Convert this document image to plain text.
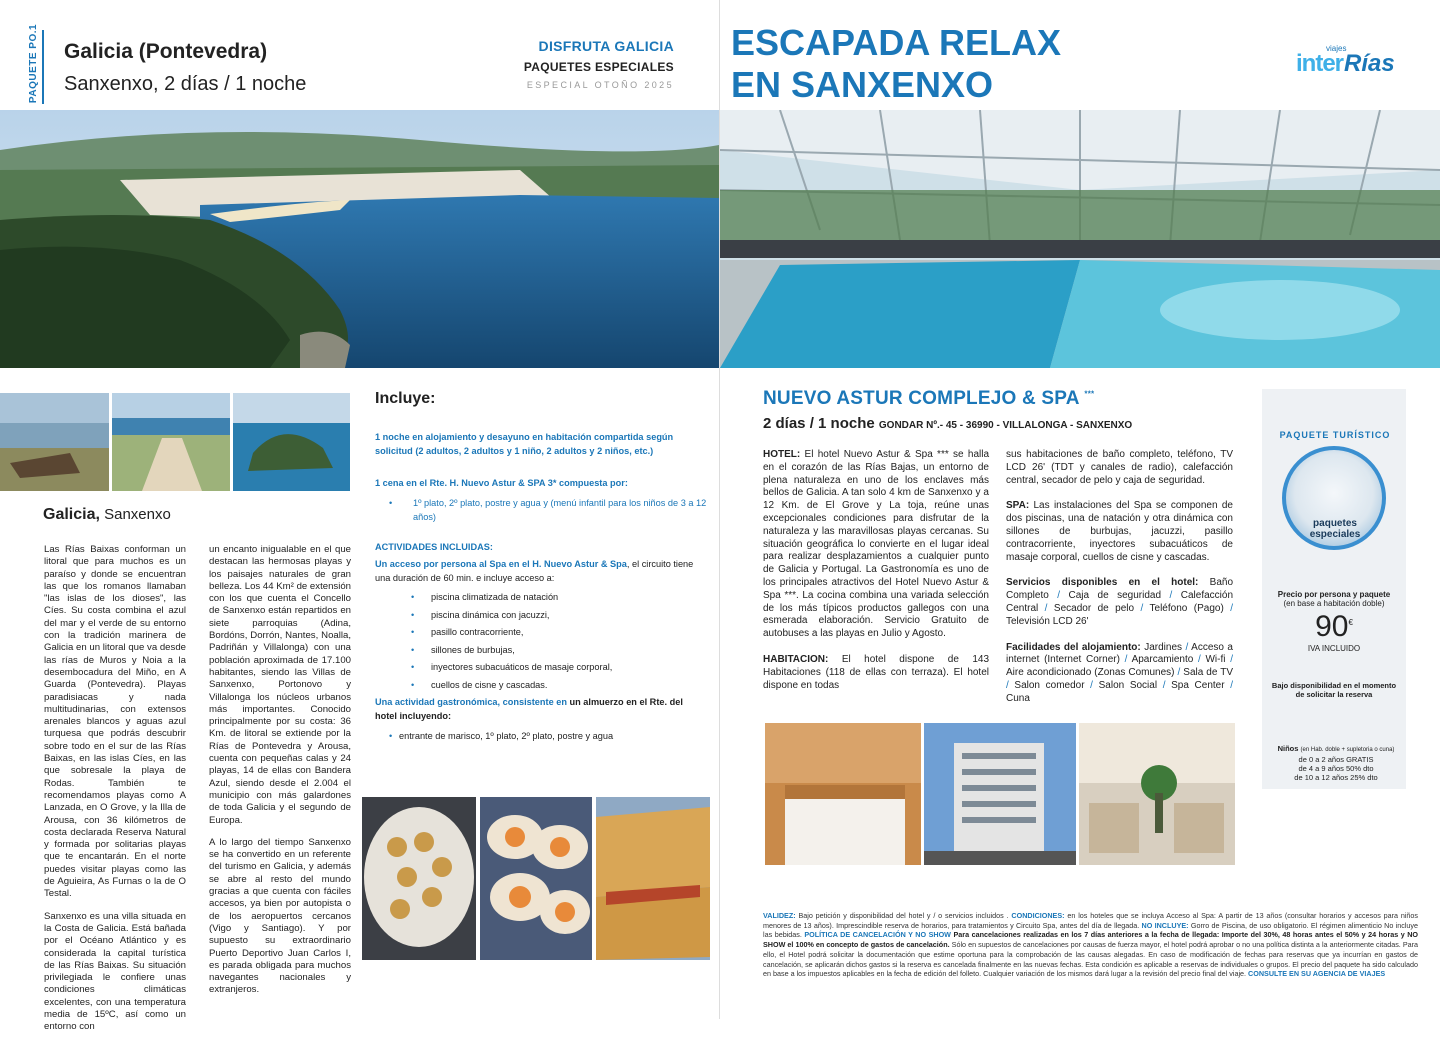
PAQUETE PO.1 Galicia (Pontevedra)
Sanxenxo, 2 días / 1 noche
DISFRUTA GALICIA
PAQUETES ESPECIALES
ESPECIAL OTOÑO 2025
ESCAPADA RELAX
EN SANXENXO
viajes
inter Rías
Galicia, Sanxenxo

Las Rías Baixas conforman un litoral que para muchos es un paraíso y donde se encuentran las que los romanos llamaban "las islas de los dioses", las Cíes. Su costa combina el azul del mar y el verde de su entorno con la tradición marinera de Galicia en un litoral que va desde las rías de Muros y Noia a la desembocadura del Miño, en A Guarda (Pontevedra). Playas paradisiacas y nada multitudinarias, con extensos arenales blancos y aguas azul turquesa que podrás descubrir sobre todo en el sur de las Rías Baixas, en las islas Cíes, en las que sobresale la playa de Rodas. También te recomendamos playas como A Lanzada, en O Grove, y la Illa de Arousa, con 36 kilómetros de costa declarada Reserva Natural y formada por solitarias playas que te encantarán. En el norte puedes visitar playas como las de Aguieira, As Furnas o la de O Testal.

Sanxenxo es una villa situada en la Costa de Galicia. Está bañada por el Océano Atlántico y es considerada la capital turística de las Rías Baixas. Su situación privilegiada le confiere unas condiciones climáticas excelentes, con una temperatura media de 15ºC, así como un entorno con

un encanto inigualable en el que destacan las hermosas playas y los paisajes naturales de gran belleza. Los 44 Km² de extensión con los que cuenta el Concello de Sanxenxo están repartidos en siete parroquias (Adina, Bordóns, Dorrón, Nantes, Noalla, Padriñán y Villalonga) con una población aproximada de 17.100 habitantes, siendo las Villas de Sanxenxo, Portonovo y Villalonga los núcleos urbanos más importantes. Conocido principalmente por su costa: 36 Km. de litoral se extiende por la Rías de Pontevedra y Arousa, cuenta con pequeñas calas y 24 playas, 14 de ellas con Bandera Azul, siendo desde el 2.004 el municipio con más galardones de toda Galicia y el segundo de Europa.

A lo largo del tiempo Sanxenxo se ha convertido en un referente del turismo en Galicia, y además se abre al resto del mundo gracias a que cuenta con fáciles accesos, ya bien por autopista o de los aeropuertos cercanos (Vigo y Santiago). Y por supuesto su extraordinario Puerto Deportivo Juan Carlos I, es parada obligada para muchos navegantes nacionales y extranjeros.

Incluye:
1 noche en alojamiento y desayuno en habitación compartida según solicitud (2 adultos, 2 adultos y 1 niño, 2 adultos y 2 niños, etc.)
1 cena en el Rte. H. Nuevo Astur & SPA 3* compuesta por:
• 1º plato, 2º plato, postre y agua y (menú infantil para los niños de 3 a 12 años)
ACTIVIDADES INCLUIDAS:
Un acceso por persona al Spa en el H. Nuevo Astur & Spa, el circuito tiene una duración de 60 min. e incluye acceso a:
• piscina climatizada de natación
• piscina dinámica con jacuzzi,
• pasillo contracorriente,
• sillones de burbujas,
• inyectores subacuáticos de masaje corporal,
• cuellos de cisne y cascadas.
Una actividad gastronómica, consistente en un almuerzo en el Rte. del hotel incluyendo:
• entrante de marisco, 1º plato, 2º plato, postre y agua
NUEVO ASTUR COMPLEJO & SPA ***
2 días / 1 noche GONDAR Nº.- 45 - 36990 - VILLALONGA - SANXENXO

HOTEL: El hotel Nuevo Astur & Spa *** se halla en el corazón de las Rías Bajas, un entorno de plena naturaleza en uno de los enclaves más bellos de Galicia. A tan solo 4 km de Sanxenxo y a 12 Km. de El Grove y La toja, reúne unas excepcionales condiciones para disfrutar de la naturaleza y las maravillosas playas cercanas. Su situación geográfica lo convierte en el lugar ideal para realizar desplazamientos a cualquier punto de Galicia y Portugal. La Gastronomía es uno de los principales atractivos del Hotel Nuevo Astur & Spa ***. La cocina combina una variada selección de los más típicos productos gallegos con una esmerada elaboración. Servicio Gratuito de autobuses a las playas en Julio y Agosto.

HABITACION: El hotel dispone de 143 Habitaciones (118 de ellas con terraza). El hotel dispone en todas

sus habitaciones de baño completo, teléfono, TV LCD 26' (TDT y canales de radio), calefacción central, secador de pelo y caja de seguridad.

SPA: Las instalaciones del Spa se componen de dos piscinas, una de natación y otra dinámica con sillones de burbujas, jacuzzi, pasillo contracorriente, inyectores subacuáticos de masaje corporal, cuellos de cisne y cascadas.

Servicios disponibles en el hotel: Baño Completo / Caja de seguridad / Calefacción Central / Secador de pelo / Teléfono (Pago) / Televisión LCD 26'

Facilidades del alojamiento: Jardines / Acceso a internet (Internet Corner) / Aparcamiento / Wi-fi / Aire acondicionado (Zonas Comunes) / Sala de TV / Salon comedor / Salon Social / Spa Center / Cuna

PAQUETE TURÍSTICO
paquetes
especiales
Precio por persona y paquete
(en base a habitación doble)
90€
IVA INCLUIDO
Bajo disponibilidad en el momento de solicitar la reserva
Niños (en Hab. doble + supletoria o cuna)
de 0 a 2 años GRATIS
de 4 a 9 años 50% dto
de 10 a 12 años 25% dto
VALIDEZ: Bajo petición y disponibilidad del hotel y / o servicios incluidos . CONDICIONES: en los hoteles que se incluya Acceso al Spa: A partir de 13 años (consultar horarios y accesos para niños menores de 13 años). Imprescindible reserva de horarios, para tratamientos y Circuito Spa, antes del día de llegada. NO INCLUYE: Gorro de Piscina, de uso obligatorio. El régimen alimenticio No incluye las bebidas. POLÍTICA DE CANCELACIÓN Y NO SHOW Para cancelaciones realizadas en los 7 días anteriores a la fecha de llegada: Importe del 30%, 48 horas antes el 50% y 24 horas y NO SHOW el 100% en concepto de gastos de cancelación. Sólo en supuestos de cancelaciones por causas de fuerza mayor, el hotel podrá aprobar o no una política distinta a la anteriormente citadas. Para ello, el Hotel podrá solicitar la documentación que estime oportuna para la comprobación de las causas alegadas. En caso de modificación de fechas para reservas que ya incurrían en gastos de cancelación, se aplicarán dichos gastos si la reserva es cancelada finalmente en las nuevas fechas. Esta condición es aplicable a reservas de individuales o grupos. El precio del paquete ha sido calculado en base a los impuestos aplicables en la fecha de edición del folleto. Cualquier variación de los mismos dará lugar a la revisión del precio final del viaje. CONSULTE EN SU AGENCIA DE VIAJES
